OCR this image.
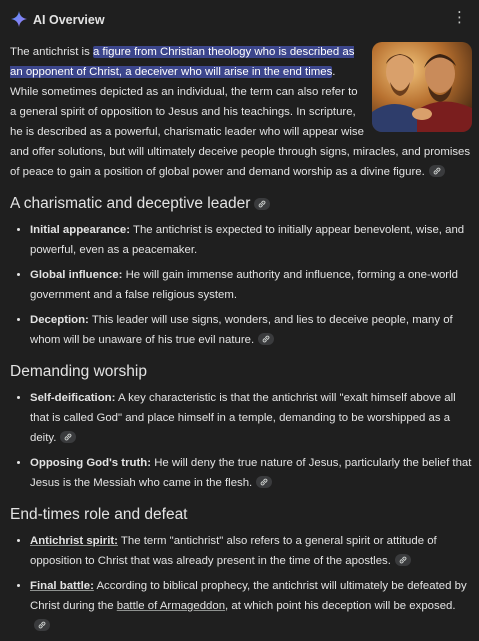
AI Overview	⋮

The antichrist is a figure from Christian theology who is described as an opponent of Christ, a deceiver who will arise in the end times. While sometimes depicted as an individual, the term can also refer to a general spirit of opposition to Jesus and his teachings. In scripture, he is described as a powerful, charismatic leader who will appear wise and offer solutions, but will ultimately deceive people through signs, miracles, and promises of peace to gain a position of global power and demand worship as a divine figure.

A charismatic and deceptive leader
• Initial appearance: The antichrist is expected to initially appear benevolent, wise, and powerful, even as a peacemaker.
• Global influence: He will gain immense authority and influence, forming a one-world government and a false religious system.
• Deception: This leader will use signs, wonders, and lies to deceive people, many of whom will be unaware of his true evil nature.
Demanding worship
• Self-deification: A key characteristic is that the antichrist will "exalt himself above all that is called God" and place himself in a temple, demanding to be worshipped as a deity.
• Opposing God's truth: He will deny the true nature of Jesus, particularly the belief that Jesus is the Messiah who came in the flesh.
End-times role and defeat
• Antichrist spirit: The term "antichrist" also refers to a general spirit or attitude of opposition to Christ that was already present in the time of the apostles.
• Final battle: According to biblical prophecy, the antichrist will ultimately be defeated by Christ during the battle of Armageddon, at which point his deception will be exposed.
